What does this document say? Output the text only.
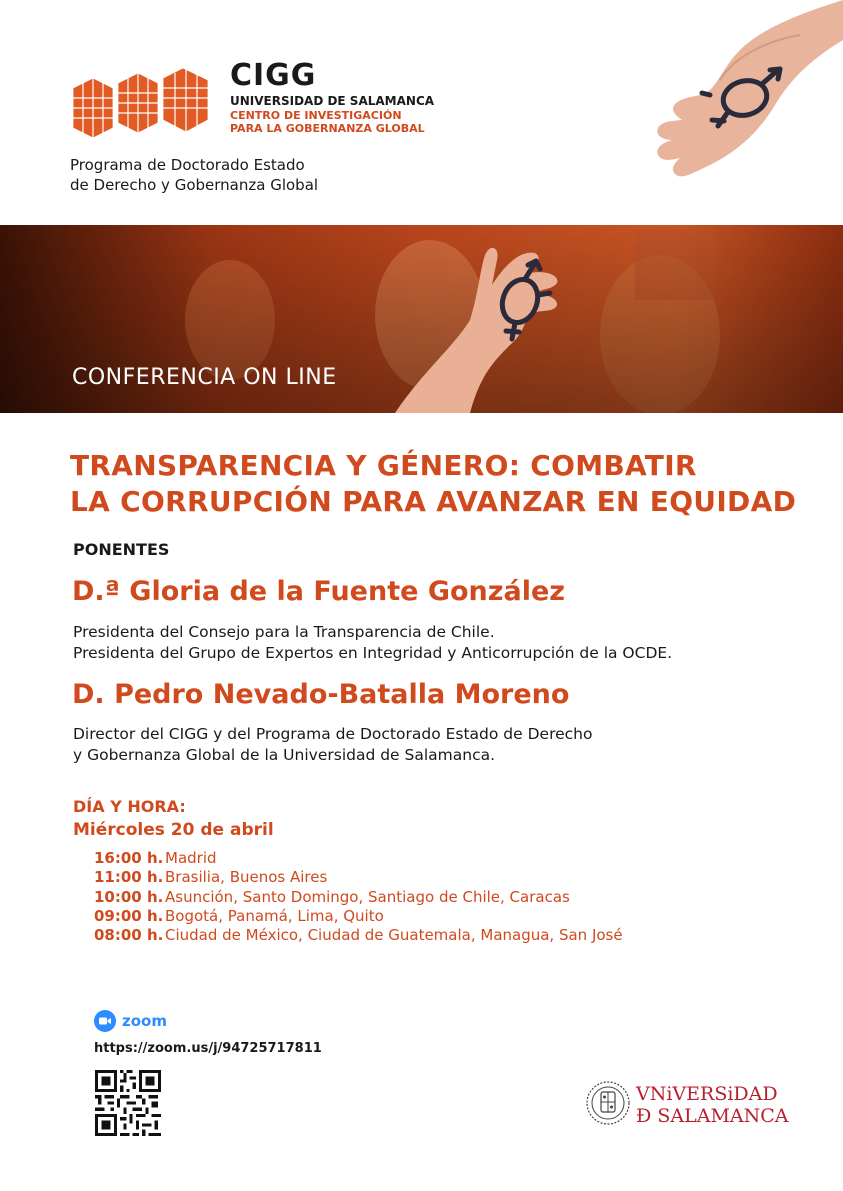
CIGG
UNIVERSIDAD DE SALAMANCA
CENTRO DE INVESTIGACIÓN
PARA LA GOBERNANZA GLOBAL
Programa de Doctorado Estado
de Derecho y Gobernanza Global
CONFERENCIA ON LINE
TRANSPARENCIA Y GÉNERO: COMBATIR
LA CORRUPCIÓN PARA AVANZAR EN EQUIDAD
PONENTES
D.ª Gloria de la Fuente González
Presidenta del Consejo para la Transparencia de Chile.
Presidenta del Grupo de Expertos en Integridad y Anticorrupción de la OCDE.
D. Pedro Nevado-Batalla Moreno
Director del CIGG y del Programa de Doctorado Estado de Derecho
y Gobernanza Global de la Universidad de Salamanca.
DÍA Y HORA:
Miércoles 20 de abril
16:00 h. Madrid
11:00 h. Brasilia, Buenos Aires
10:00 h. Asunción, Santo Domingo, Santiago de Chile, Caracas
09:00 h. Bogotá, Panamá, Lima, Quito
08:00 h. Ciudad de México, Ciudad de Guatemala, Managua, San José
zoom
https://zoom.us/j/94725717811
VNiVERSiDAD
Ð SALAMANCA
